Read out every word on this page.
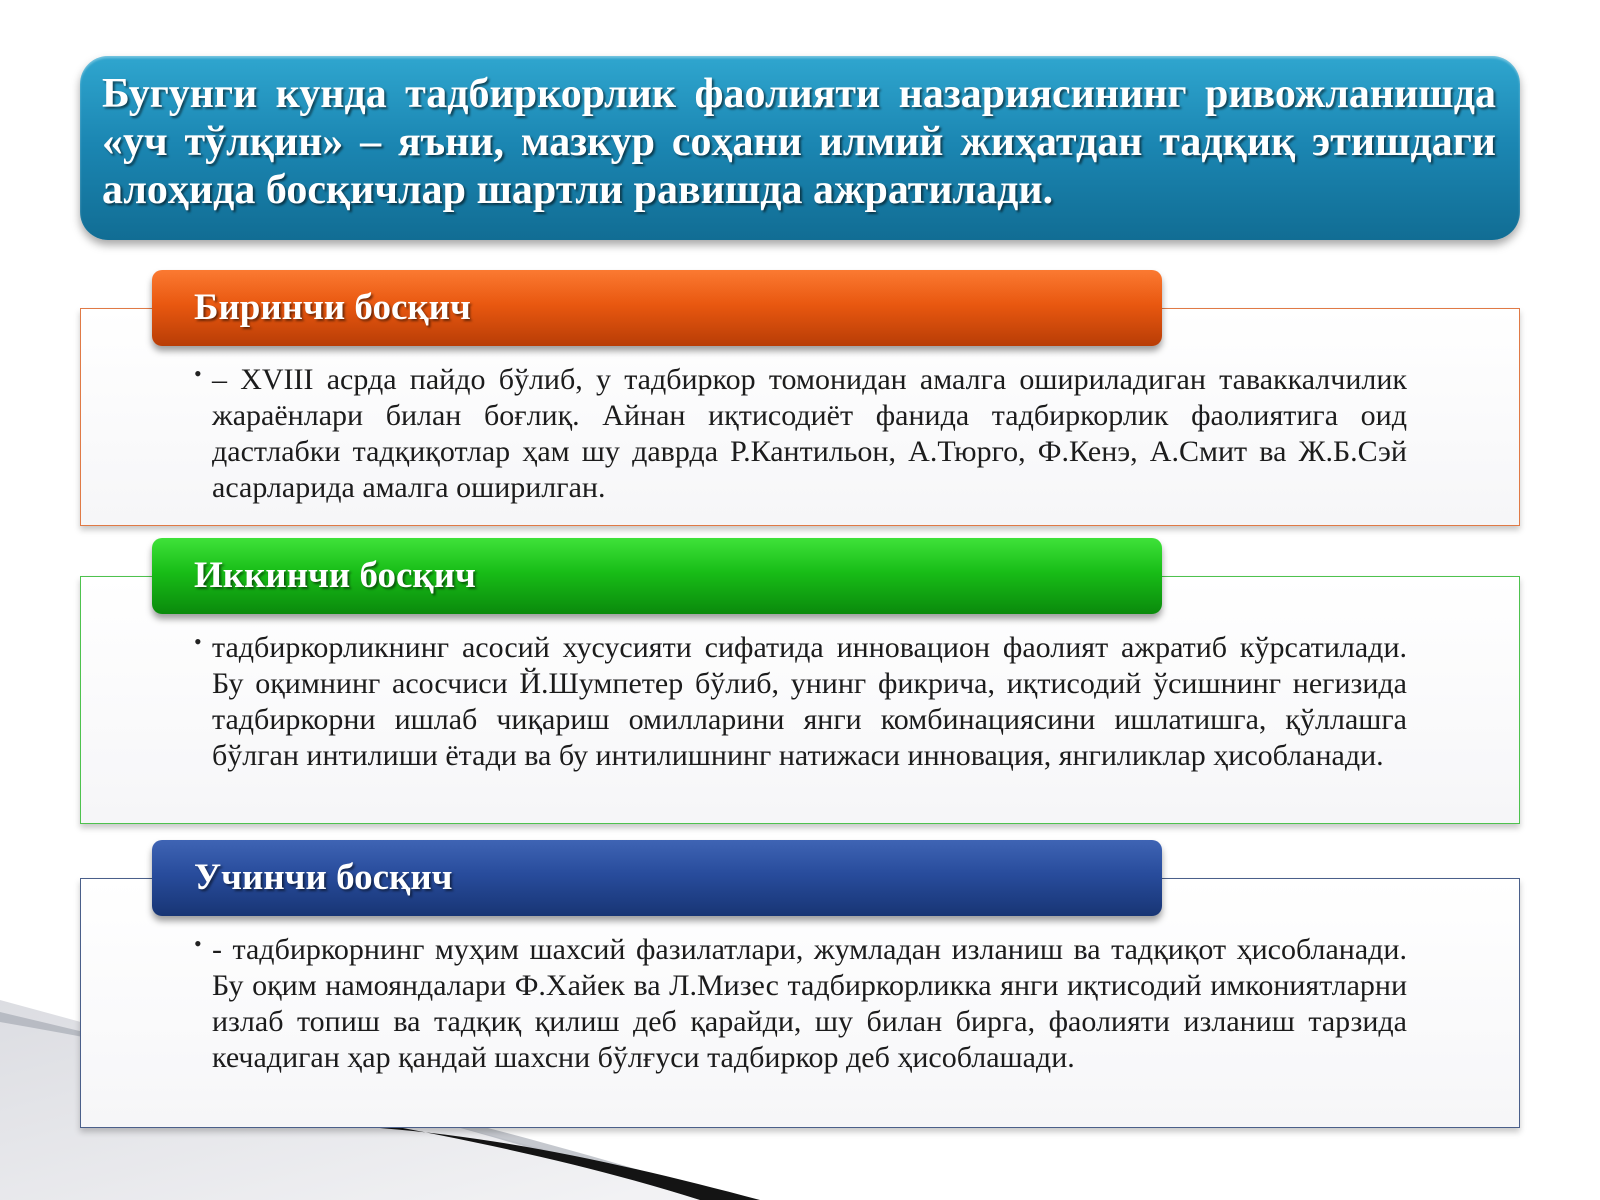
Бугунги кунда тадбиркорлик фаолияти назариясининг ривожланишда «уч тўлқин» – яъни, мазкур соҳани илмий жиҳатдан тадқиқ этишдаги алоҳида босқичлар шартли равишда ажратилади.

Биринчи босқич
• – XVIII асрда пайдо бўлиб, у тадбиркор томонидан амалга ошириладиган таваккалчилик жараёнлари билан боғлиқ. Айнан иқтисодиёт фанида тадбиркорлик фаолиятига оид дастлабки тадқиқотлар ҳам шу даврда Р.Кантильон, А.Тюрго, Ф.Кенэ, А.Смит ва Ж.Б.Сэй асарларида амалга оширилган.

Иккинчи босқич
• тадбиркорликнинг асосий хусусияти сифатида инновацион фаолият ажратиб кўрсатилади. Бу оқимнинг асосчиси Й.Шумпетер бўлиб, унинг фикрича, иқтисодий ўсишнинг негизида тадбиркорни ишлаб чиқариш омилларини янги комбинациясини ишлатишга, қўллашга бўлган интилиши ётади ва бу интилишнинг натижаси инновация, янгиликлар ҳисобланади.

Учинчи босқич
• - тадбиркорнинг муҳим шахсий фазилатлари, жумладан изланиш ва тадқиқот ҳисобланади. Бу оқим намояндалари Ф.Хайек ва Л.Мизес тадбиркорликка янги иқтисодий имкониятларни излаб топиш ва тадқиқ қилиш деб қарайди, шу билан бирга, фаолияти изланиш тарзида кечадиган ҳар қандай шахсни бўлғуси тадбиркор деб ҳисоблашади.
